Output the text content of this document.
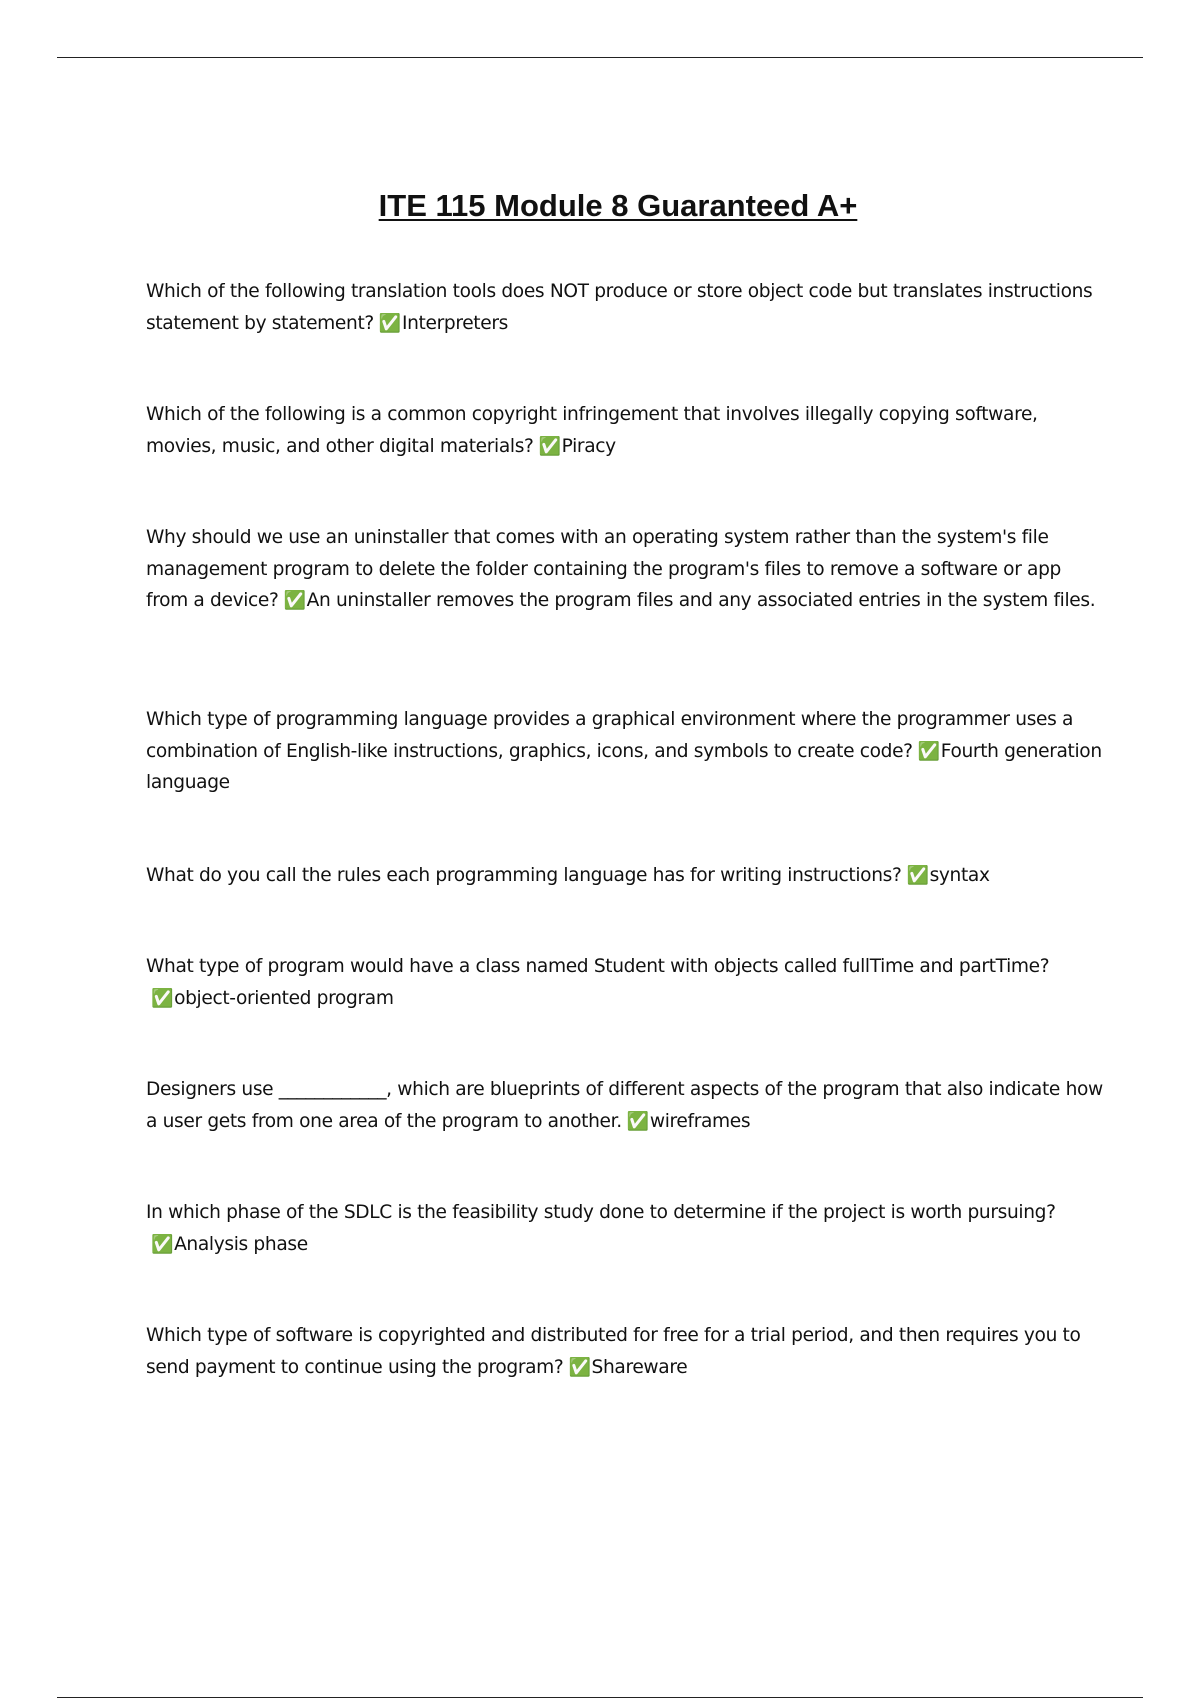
ITE 115 Module 8 Guaranteed A+

Which of the following translation tools does NOT produce or store object code but translates instructions statement by statement? ✅Interpreters

Which of the following is a common copyright infringement that involves illegally copying software, movies, music, and other digital materials? ✅Piracy

Why should we use an uninstaller that comes with an operating system rather than the system's file management program to delete the folder containing the program's files to remove a software or app from a device? ✅An uninstaller removes the program files and any associated entries in the system files.

Which type of programming language provides a graphical environment where the programmer uses a combination of English-like instructions, graphics, icons, and symbols to create code? ✅Fourth generation language

What do you call the rules each programming language has for writing instructions? ✅syntax

What type of program would have a class named Student with objects called fullTime and partTime?✅object-oriented program

Designers use ____________, which are blueprints of different aspects of the program that also indicate how a user gets from one area of the program to another. ✅wireframes

In which phase of the SDLC is the feasibility study done to determine if the project is worth pursuing?✅Analysis phase

Which type of software is copyrighted and distributed for free for a trial period, and then requires you to send payment to continue using the program? ✅Shareware
